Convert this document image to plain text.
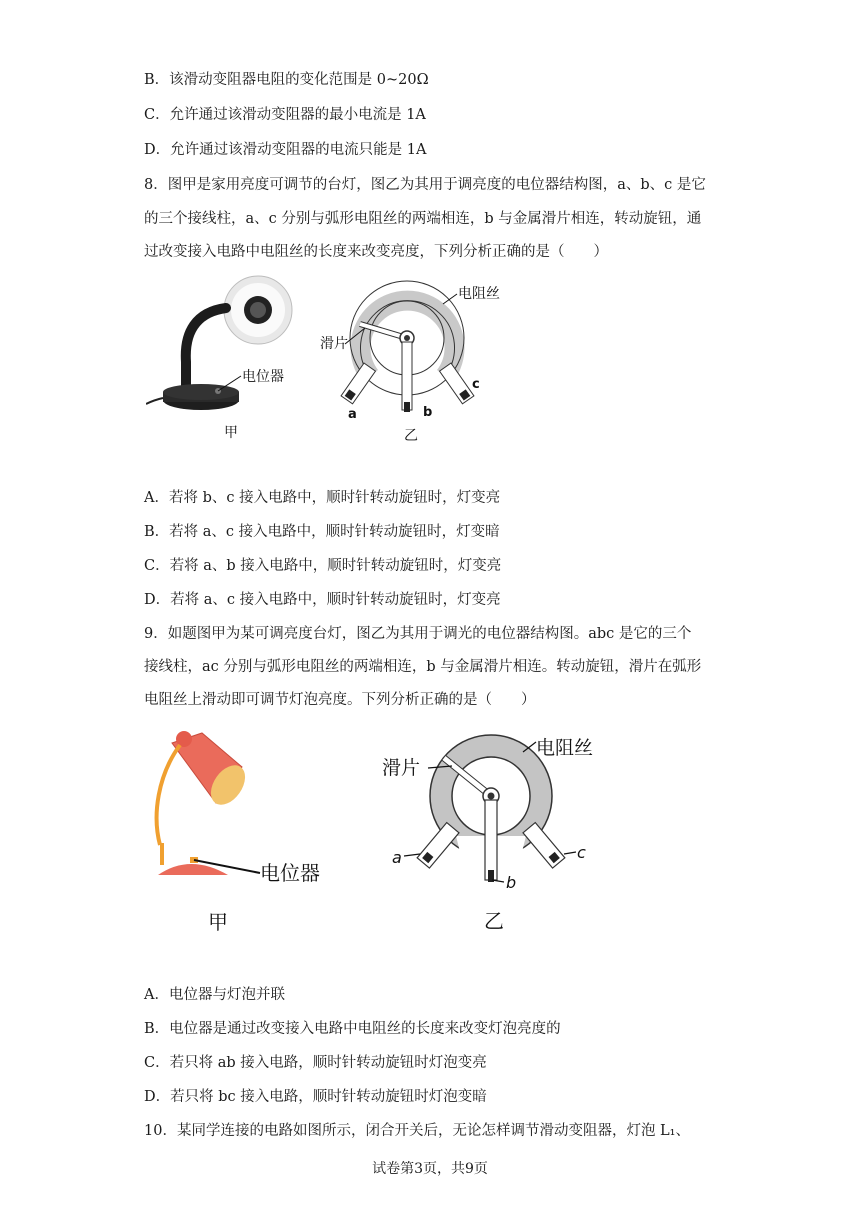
B．该滑动变阻器电阻的变化范围是 0~20Ω
C．允许通过该滑动变阻器的最小电流是 1A
D．允许通过该滑动变阻器的电流只能是 1A
8．图甲是家用亮度可调节的台灯，图乙为其用于调亮度的电位器结构图，a、b、c 是它
的三个接线柱，a、c 分别与弧形电阻丝的两端相连，b 与金属滑片相连，转动旋钮，通
过改变接入电路中电阻丝的长度来改变亮度，下列分析正确的是（　　）
电位器
甲
电阻丝
滑片
a	b
c
乙
A．若将 b、c 接入电路中，顺时针转动旋钮时，灯变亮
B．若将 a、c 接入电路中，顺时针转动旋钮时，灯变暗
C．若将 a、b 接入电路中，顺时针转动旋钮时，灯变亮
D．若将 a、c 接入电路中，顺时针转动旋钮时，灯变亮
9．如题图甲为某可调亮度台灯，图乙为其用于调光的电位器结构图。abc 是它的三个
接线柱，ac 分别与弧形电阻丝的两端相连，b 与金属滑片相连。转动旋钮，滑片在弧形
电阻丝上滑动即可调节灯泡亮度。下列分析正确的是（　　）
电位器
甲
电阻丝
滑片
a
b
c
乙
A．电位器与灯泡并联
B．电位器是通过改变接入电路中电阻丝的长度来改变灯泡亮度的
C．若只将 ab 接入电路，顺时针转动旋钮时灯泡变亮
D．若只将 bc 接入电路，顺时针转动旋钮时灯泡变暗
10．某同学连接的电路如图所示，闭合开关后，无论怎样调节滑动变阻器，灯泡 L₁、
试卷第3页，共9页
